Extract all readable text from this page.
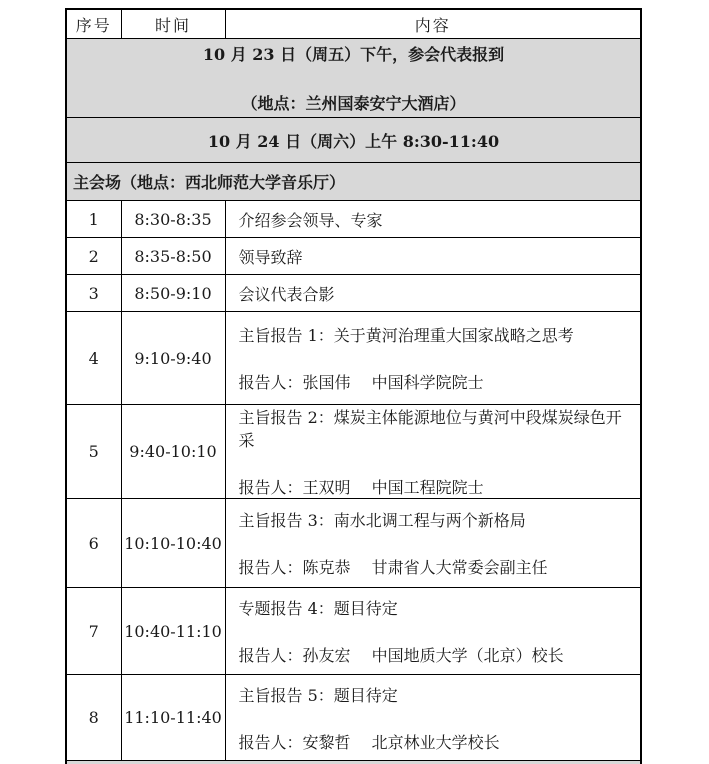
序号	时间	内容

10 月 23 日（周五）下午，参会代表报到
（地点：兰州国泰安宁大酒店）		

10 月 24 日（周六）上午 8:30-11:40		
主会场（地点：西北师范大学音乐厅）		
1	8:30-8:35	介绍参会领导、专家

2	8:35-8:50	领导致辞

3	8:50-9:10	会议代表合影

4	9:10-9:40	主旨报告 1：关于黄河治理重大国家战略之思考
报告人：张国伟　 中国科学院院士

5	9:40-10:10	主旨报告 2：煤炭主体能源地位与黄河中段煤炭绿色开采
报告人：王双明　 中国工程院院士

6	10:10-10:40	主旨报告 3：南水北调工程与两个新格局
报告人：陈克恭　 甘肃省人大常委会副主任

7	10:40-11:10	专题报告 4：题目待定
报告人：孙友宏　 中国地质大学（北京）校长

8	11:10-11:40	主旨报告 5：题目待定
报告人：安黎哲　 北京林业大学校长
